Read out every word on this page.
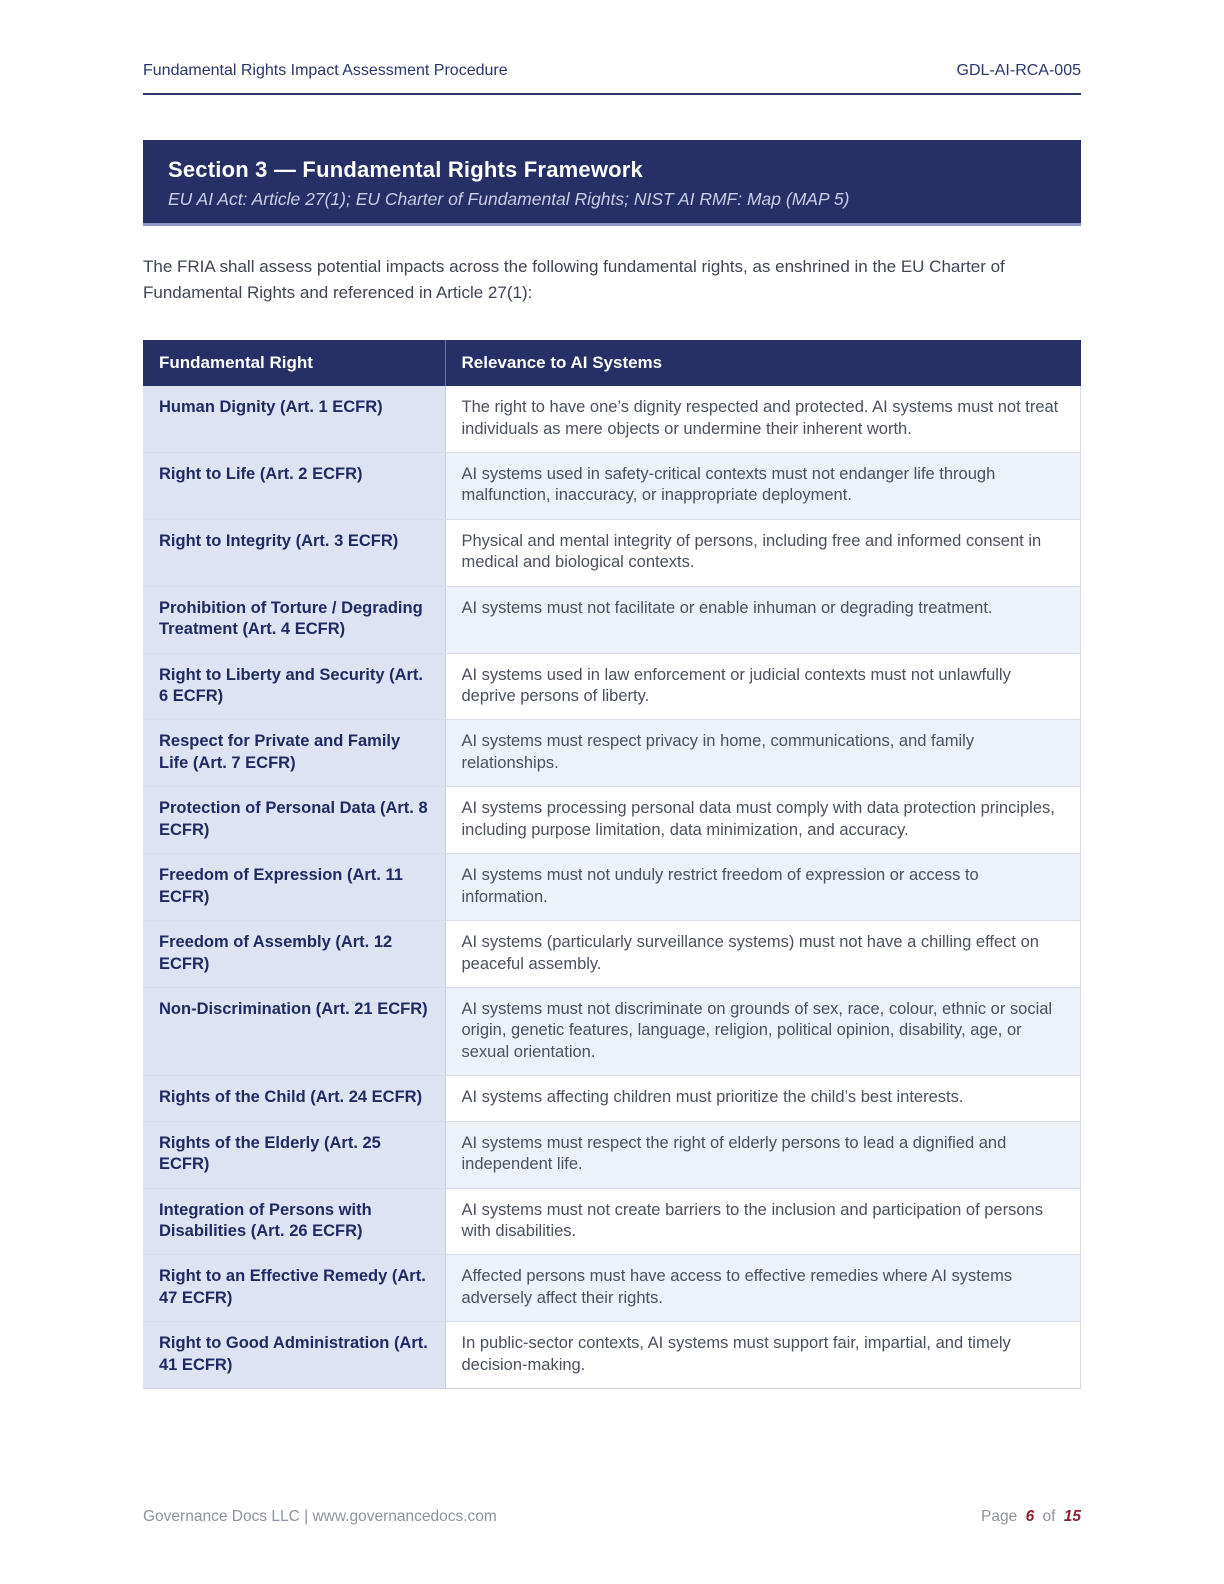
Fundamental Rights Impact Assessment Procedure	GDL-AI-RCA-005
Section 3 — Fundamental Rights Framework
EU AI Act: Article 27(1); EU Charter of Fundamental Rights; NIST AI RMF: Map (MAP 5)

The FRIA shall assess potential impacts across the following fundamental rights, as enshrined in the EU Charter of Fundamental Rights and referenced in Article 27(1):

Fundamental Right	Relevance to AI Systems
Human Dignity (Art. 1 ECFR)	The right to have one’s dignity respected and protected. AI systems must not treat individuals as mere objects or undermine their inherent worth.
Right to Life (Art. 2 ECFR)	AI systems used in safety-critical contexts must not endanger life through malfunction, inaccuracy, or inappropriate deployment.
Right to Integrity (Art. 3 ECFR)	Physical and mental integrity of persons, including free and informed consent in medical and biological contexts.
Prohibition of Torture / Degrading Treatment (Art. 4 ECFR)	AI systems must not facilitate or enable inhuman or degrading treatment.
Right to Liberty and Security (Art. 6 ECFR)	AI systems used in law enforcement or judicial contexts must not unlawfully deprive persons of liberty.
Respect for Private and Family Life (Art. 7 ECFR)	AI systems must respect privacy in home, communications, and family relationships.
Protection of Personal Data (Art. 8 ECFR)	AI systems processing personal data must comply with data protection principles, including purpose limitation, data minimization, and accuracy.
Freedom of Expression (Art. 11 ECFR)	AI systems must not unduly restrict freedom of expression or access to information.
Freedom of Assembly (Art. 12 ECFR)	AI systems (particularly surveillance systems) must not have a chilling effect on peaceful assembly.
Non-Discrimination (Art. 21 ECFR)	AI systems must not discriminate on grounds of sex, race, colour, ethnic or social origin, genetic features, language, religion, political opinion, disability, age, or sexual orientation.
Rights of the Child (Art. 24 ECFR)	AI systems affecting children must prioritize the child’s best interests.
Rights of the Elderly (Art. 25 ECFR)	AI systems must respect the right of elderly persons to lead a dignified and independent life.
Integration of Persons with Disabilities (Art. 26 ECFR)	AI systems must not create barriers to the inclusion and participation of persons with disabilities.
Right to an Effective Remedy (Art. 47 ECFR)	Affected persons must have access to effective remedies where AI systems adversely affect their rights.
Right to Good Administration (Art. 41 ECFR)	In public-sector contexts, AI systems must support fair, impartial, and timely decision-making.
Governance Docs LLC | www.governancedocs.com	Page 6 of 15
